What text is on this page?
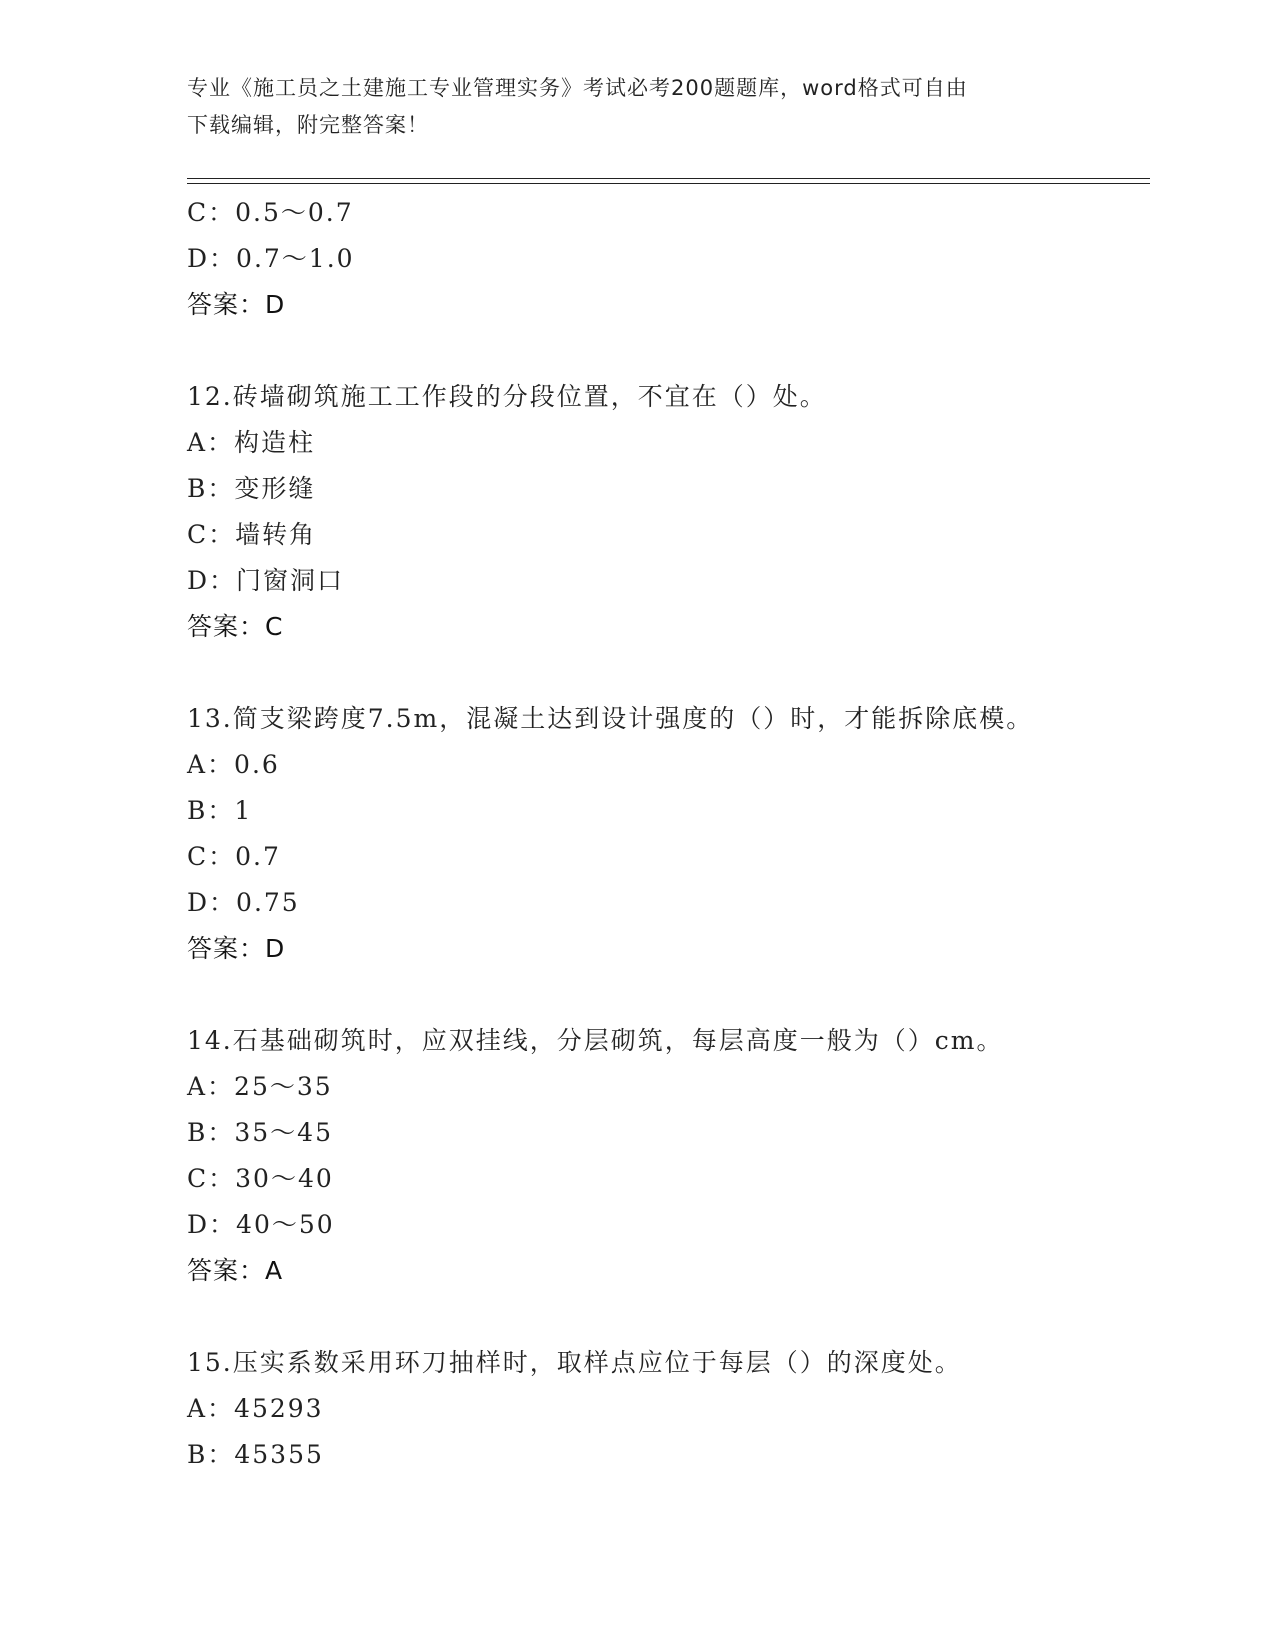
专业《施工员之土建施工专业管理实务》考试必考200题题库，word格式可自由
下载编辑，附完整答案！
C：0.5～0.7
D：0.7～1.0
答案：D
12.砖墙砌筑施工工作段的分段位置，不宜在（）处。
A：构造柱
B：变形缝
C：墙转角
D：门窗洞口
答案：C
13.简支梁跨度7.5m，混凝土达到设计强度的（）时，才能拆除底模。
A：0.6
B：1
C：0.7
D：0.75
答案：D
14.石基础砌筑时，应双挂线，分层砌筑，每层高度一般为（）cm。
A：25～35
B：35～45
C：30～40
D：40～50
答案：A
15.压实系数采用环刀抽样时，取样点应位于每层（）的深度处。
A：45293
B：45355
